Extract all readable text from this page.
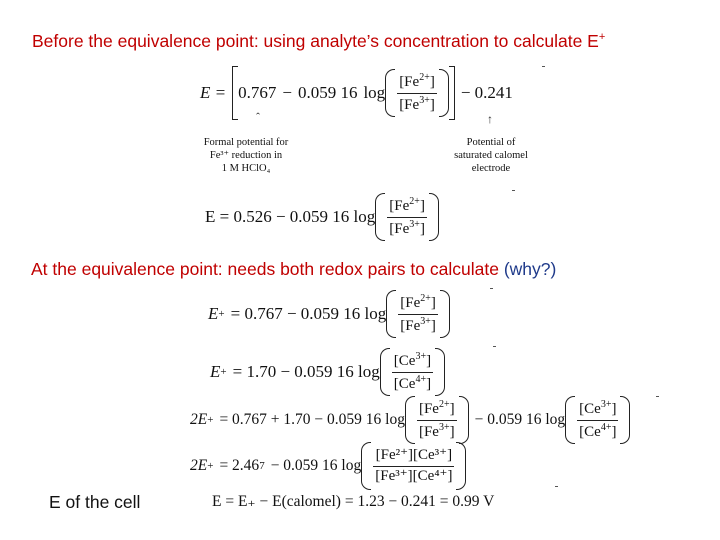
Before the equivalence point: using analyte’s concentration to calculate E+
E = 0.767 − 0.059 16 $\log \frac{[Fe^{2+}]}{[Fe^{3+}]} - 0.241$
ˆ	↑
Formal potential for
Fe³⁺ reduction in
1 M HClO₄
Potential of
saturated calomel
electrode
E = 0.526 − 0.059 16 $\log \frac{[Fe^{2+}]}{[Fe^{3+}]}$
At the equivalence point: needs both redox pairs to calculate (why?)
E + = 0.767 − 0.059 16 $\log \frac{[Fe^{2+}]}{[Fe^{3+}]}$
E + = 1.70 − 0.059 16 $\log \frac{[Ce^{3+}]}{[Ce^{4+}]}$
2E + = 0.767 + 1.70 − 0.059 16 $\log \frac{[Fe^{2+}]}{[Fe^{3+}]} - 0.059$ 16 $\log \frac{[Ce^{3+}]}{[Ce^{4+}]}$
2E + = 2.46 7 − 0.059 16 $\log \frac{\text{[Fe²⁺][Ce³⁺]}}{\text{[Fe³⁺][Ce⁴⁺]}}$
E of the cell	E = E₊ − E(calomel) = 1.23 − 0.241 = 0.99 V
